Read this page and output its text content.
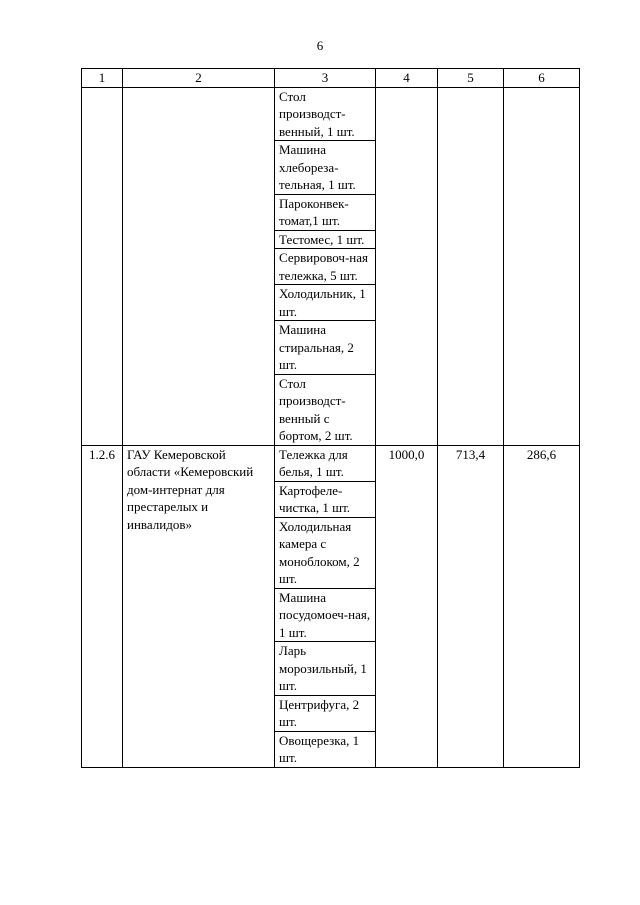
6
1	2	3	4	5	6
		Стол производст-венный, 1 шт.			
		Машина хлебореза-тельная, 1 шт.			
		Пароконвек-томат,1 шт.			
		Тестомес, 1 шт.			
		Сервировоч-ная тележка, 5 шт.			
		Холодильник, 1 шт.			
		Машина стиральная, 2 шт.			
		Стол производст-венный с бортом, 2 шт.			
1.2.6	ГАУ Кемеровской области «Кемеровский дом-интернат для престарелых и инвалидов»	Тележка для белья, 1 шт.	1000,0	713,4	286,6
		Картофеле-чистка, 1 шт.			
		Холодильная камера с моноблоком, 2 шт.			
		Машина посудомоеч-ная, 1 шт.			
		Ларь морозильный, 1 шт.			
		Центрифуга, 2 шт.			
		Овощерезка, 1 шт.			
